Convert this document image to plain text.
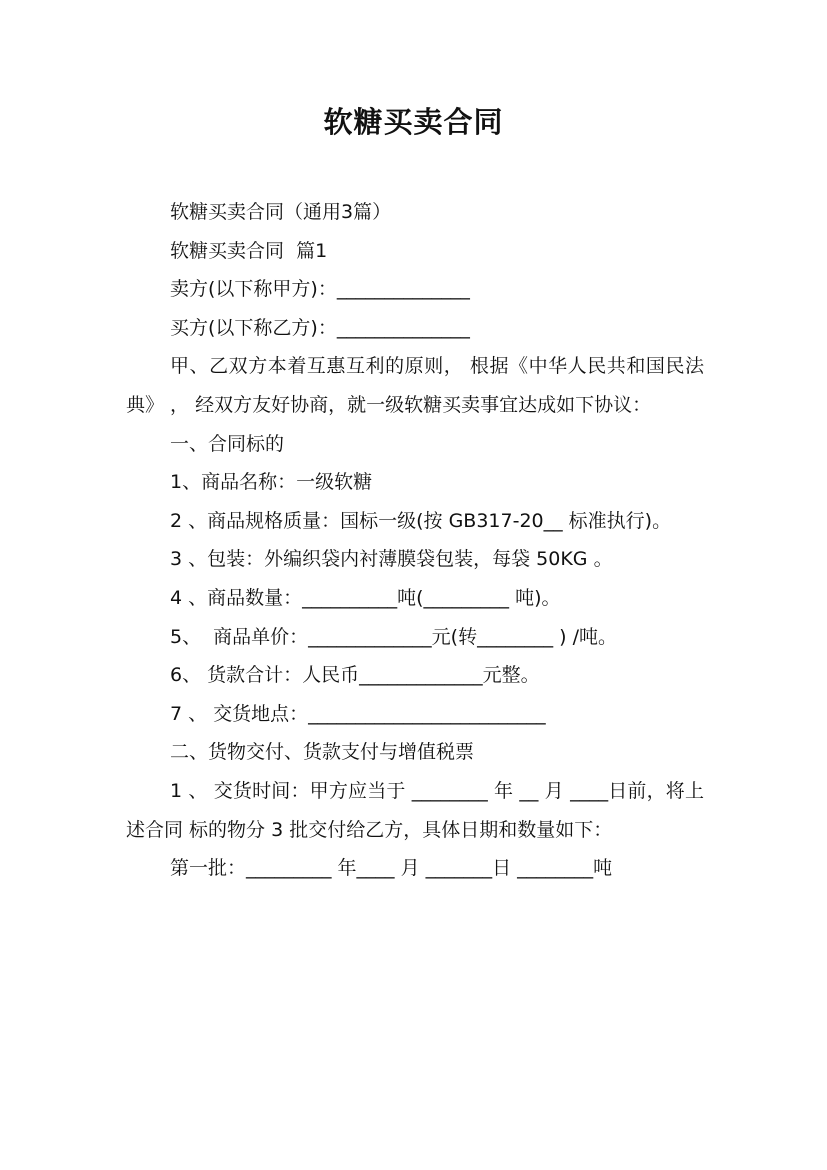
软糖买卖合同

软糖买卖合同（通用3篇）

软糖买卖合同  篇1

卖方(以下称甲方)：______________

买方(以下称乙方)：______________

甲、乙双方本着互惠互利的原则， 根据《中华人民共和国民法典》 ， 经双方友好协商，就一级软糖买卖事宜达成如下协议：

一、合同标的

1、商品名称：一级软糖

2 、商品规格质量：国标一级(按 GB317-20__ 标准执行)。

3 、包装：外编织袋内衬薄膜袋包装，每袋 50KG 。

4 、商品数量：__________吨(_________ 吨)。

5、  商品单价：_____________元(转________ ) /吨。

6、 货款合计：人民币_____________元整。

7 、 交货地点：_________________________

二、货物交付、货款支付与增值税票

1 、 交货时间：甲方应当于 ________ 年 __ 月 ____日前，将上述合同 标的物分 3 批交付给乙方，具体日期和数量如下：

第一批：_________ 年____ 月 _______日 ________吨
